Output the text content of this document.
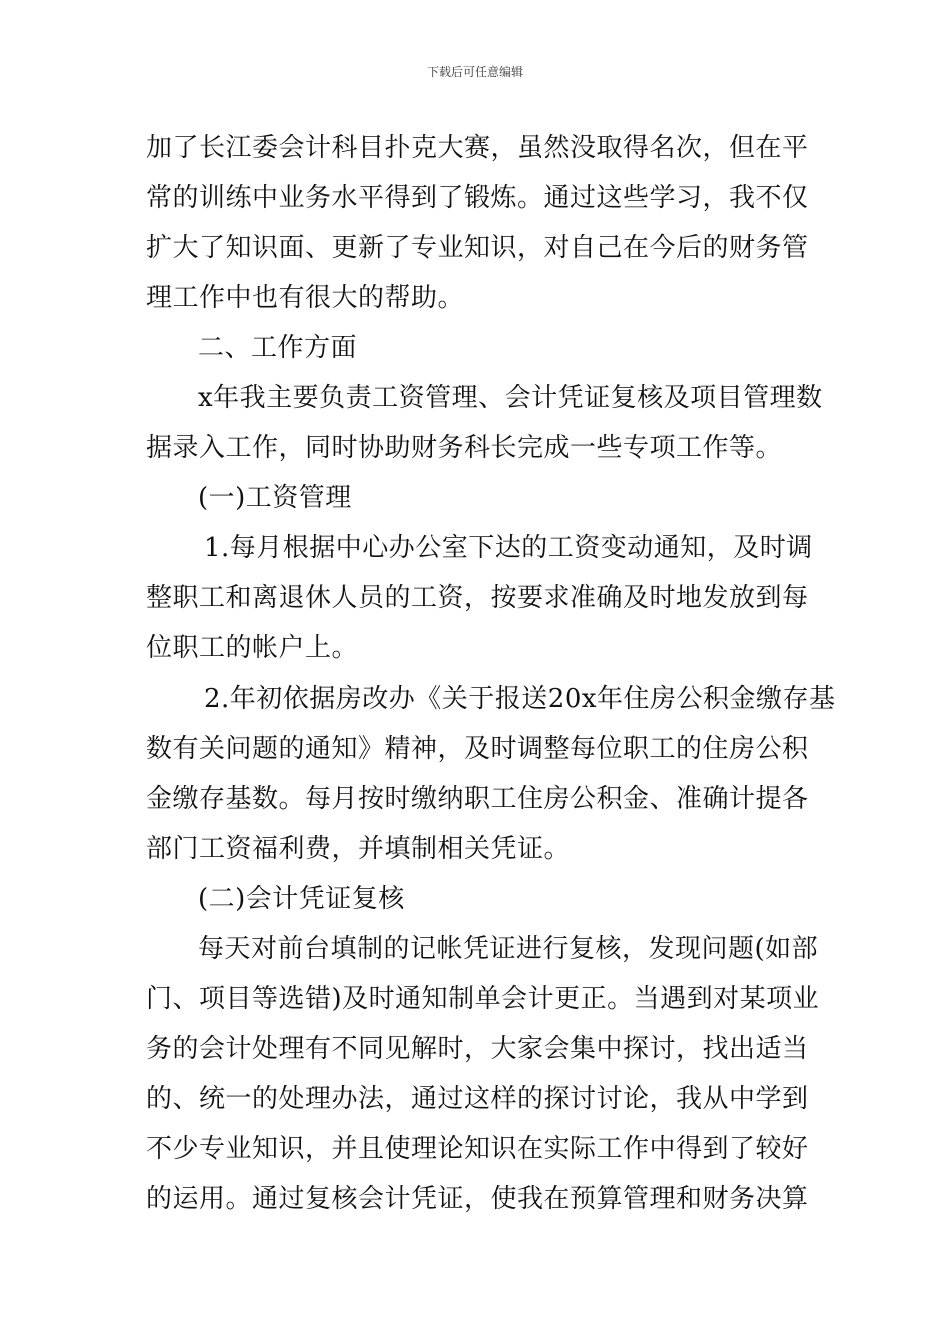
下载后可任意编辑
加了长江委会计科目扑克大赛，虽然没取得名次，但在平
常的训练中业务水平得到了锻炼。通过这些学习，我不仅
扩大了知识面、更新了专业知识，对自己在今后的财务管
理工作中也有很大的帮助。
二、工作方面
x年我主要负责工资管理、会计凭证复核及项目管理数
据录入工作，同时协助财务科长完成一些专项工作等。
(一)工资管理
1.每月根据中心办公室下达的工资变动通知，及时调
整职工和离退休人员的工资，按要求准确及时地发放到每
位职工的帐户上。
2.年初依据房改办《关于报送20x年住房公积金缴存基
数有关问题的通知》精神，及时调整每位职工的住房公积
金缴存基数。每月按时缴纳职工住房公积金、准确计提各
部门工资福利费，并填制相关凭证。
(二)会计凭证复核
每天对前台填制的记帐凭证进行复核，发现问题(如部
门、项目等选错)及时通知制单会计更正。当遇到对某项业
务的会计处理有不同见解时，大家会集中探讨，找出适当
的、统一的处理办法，通过这样的探讨讨论，我从中学到
不少专业知识，并且使理论知识在实际工作中得到了较好
的运用。通过复核会计凭证，使我在预算管理和财务决算
